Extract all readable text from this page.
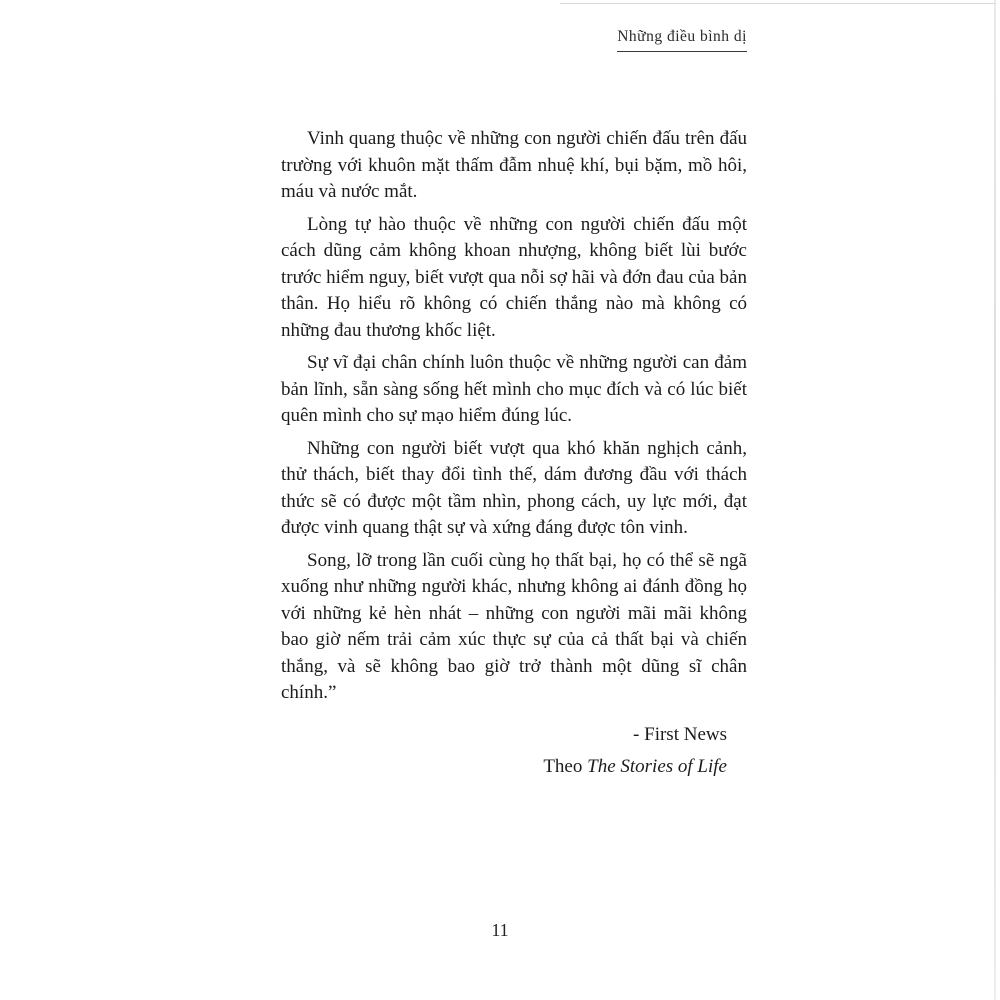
Những điều bình dị

Vinh quang thuộc về những con người chiến đấu trên đấu trường với khuôn mặt thấm đẫm nhuệ khí, bụi bặm, mồ hôi, máu và nước mắt.

Lòng tự hào thuộc về những con người chiến đấu một cách dũng cảm không khoan nhượng, không biết lùi bước trước hiểm nguy, biết vượt qua nỗi sợ hãi và đớn đau của bản thân. Họ hiểu rõ không có chiến thắng nào mà không có những đau thương khốc liệt.

Sự vĩ đại chân chính luôn thuộc về những người can đảm bản lĩnh, sẵn sàng sống hết mình cho mục đích và có lúc biết quên mình cho sự mạo hiểm đúng lúc.

Những con người biết vượt qua khó khăn nghịch cảnh, thử thách, biết thay đổi tình thế, dám đương đầu với thách thức sẽ có được một tầm nhìn, phong cách, uy lực mới, đạt được vinh quang thật sự và xứng đáng được tôn vinh.

Song, lỡ trong lần cuối cùng họ thất bại, họ có thể sẽ ngã xuống như những người khác, nhưng không ai đánh đồng họ với những kẻ hèn nhát – những con người mãi mãi không bao giờ nếm trải cảm xúc thực sự của cả thất bại và chiến thắng, và sẽ không bao giờ trở thành một dũng sĩ chân chính.”

- First News
Theo The Stories of Life
11
